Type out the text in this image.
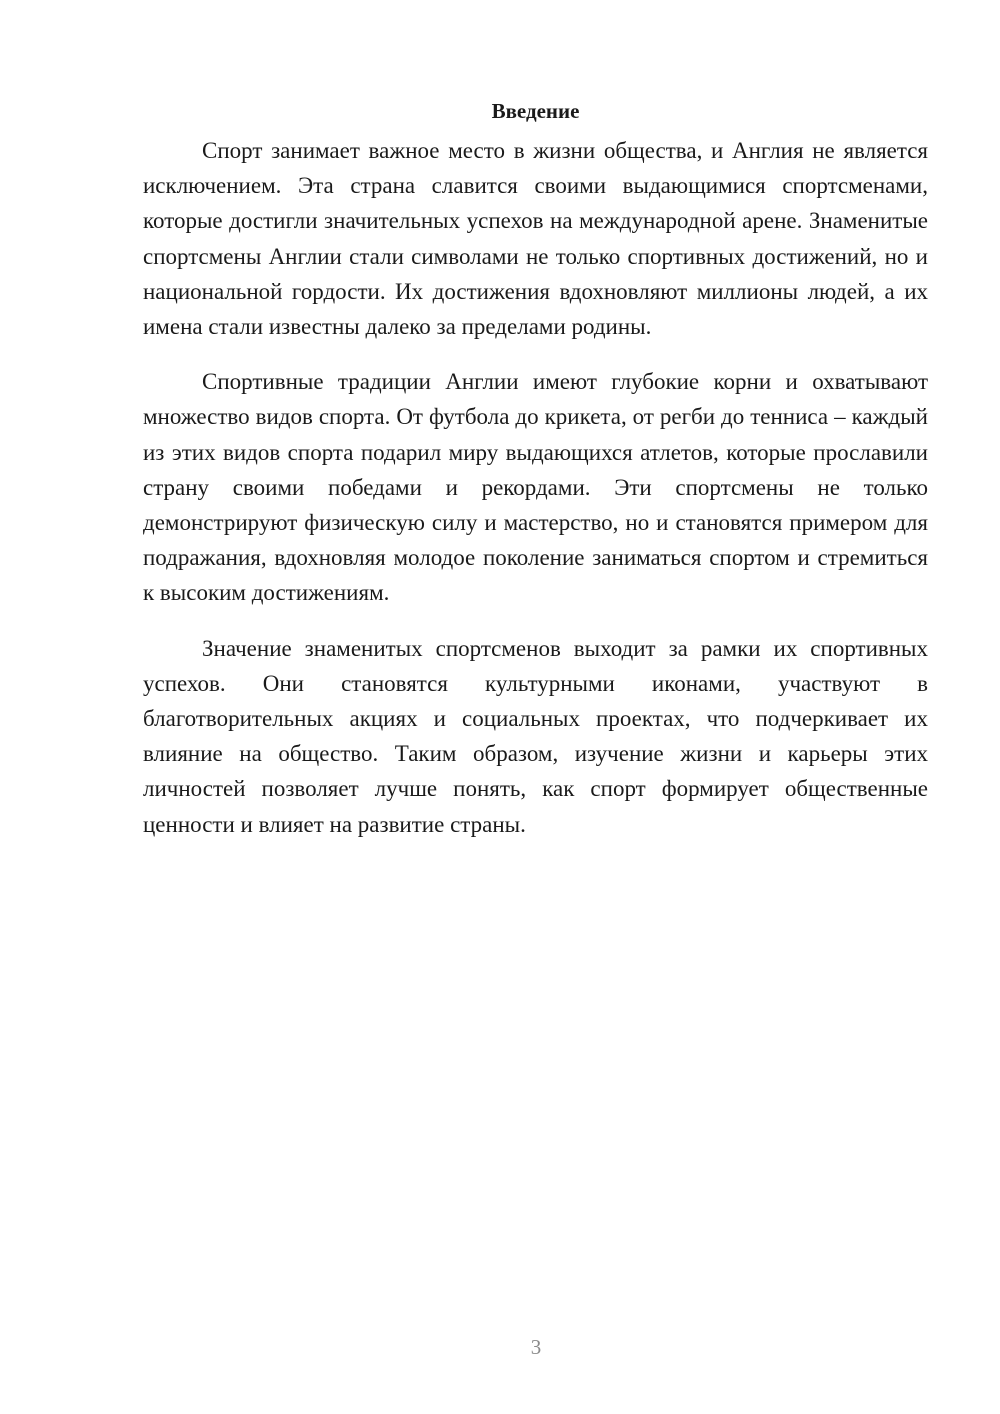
Введение

Спорт занимает важное место в жизни общества, и Англия не является исключением. Эта страна славится своими выдающимися спортсменами, которые достигли значительных успехов на международной арене. Знаменитые спортсмены Англии стали символами не только спортивных достижений, но и национальной гордости. Их достижения вдохновляют миллионы людей, а их имена стали известны далеко за пределами родины.

Спортивные традиции Англии имеют глубокие корни и охватывают множество видов спорта. От футбола до крикета, от регби до тенниса – каждый из этих видов спорта подарил миру выдающихся атлетов, которые прославили страну своими победами и рекордами. Эти спортсмены не только демонстрируют физическую силу и мастерство, но и становятся примером для подражания, вдохновляя молодое поколение заниматься спортом и стремиться к высоким достижениям.

Значение знаменитых спортсменов выходит за рамки их спортивных успехов. Они становятся культурными иконами, участвуют в благотворительных акциях и социальных проектах, что подчеркивает их влияние на общество. Таким образом, изучение жизни и карьеры этих личностей позволяет лучше понять, как спорт формирует общественные ценности и влияет на развитие страны.

3
